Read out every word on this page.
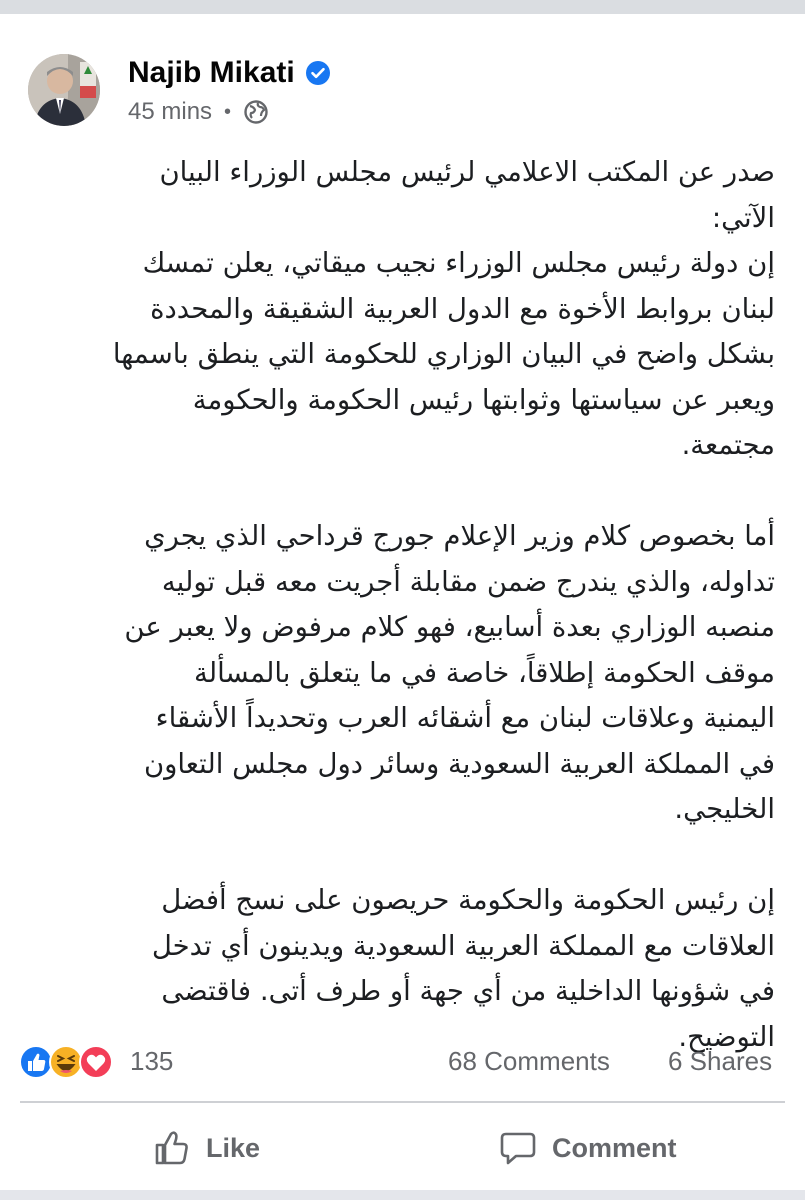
Najib Mikati
45 mins •

صدر عن المكتب الاعلامي لرئيس مجلس الوزراء البيان

الآتي:

إن دولة رئيس مجلس الوزراء نجيب ميقاتي، يعلن تمسك

لبنان بروابط الأخوة مع الدول العربية الشقيقة والمحددة

بشكل واضح في البيان الوزاري للحكومة التي ينطق باسمها

ويعبر عن سياستها وثوابتها رئيس الحكومة والحكومة

مجتمعة.

أما بخصوص كلام وزير الإعلام جورج قرداحي الذي يجري

تداوله، والذي يندرج ضمن مقابلة أجريت معه قبل توليه

منصبه الوزاري بعدة أسابيع، فهو كلام مرفوض ولا يعبر عن

موقف الحكومة إطلاقاً، خاصة في ما يتعلق بالمسألة

اليمنية وعلاقات لبنان مع أشقائه العرب وتحديداً الأشقاء

في المملكة العربية السعودية وسائر دول مجلس التعاون

الخليجي.

إن رئيس الحكومة والحكومة حريصون على نسج أفضل

العلاقات مع المملكة العربية السعودية ويدينون أي تدخل

في شؤونها الداخلية من أي جهة أو طرف أتى. فاقتضى

التوضيح.

135	68 Comments 6 Shares
Like	Comment
